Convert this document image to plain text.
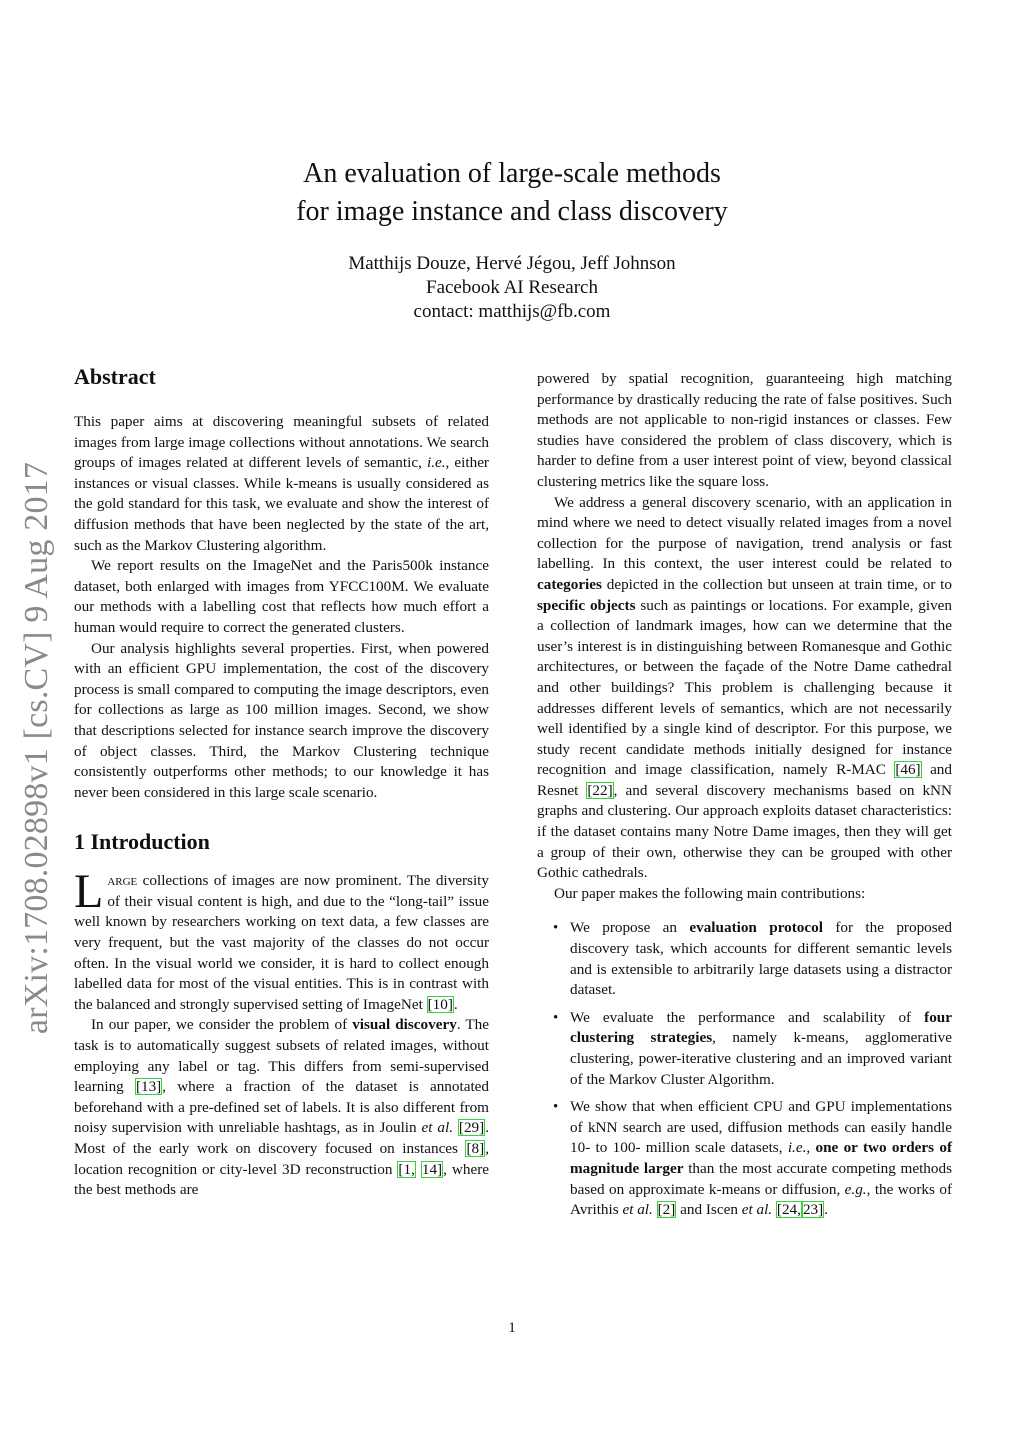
An evaluation of large-scale methods
for image instance and class discovery
Matthijs Douze, Hervé Jégou, Jeff Johnson
Facebook AI Research
contact: matthijs@fb.com
arXiv:1708.02898v1 [cs.CV] 9 Aug 2017
Abstract

This paper aims at discovering meaningful subsets of related images from large image collections without annotations. We search groups of images related at different levels of semantic, i.e., either instances or visual classes. While k-means is usually considered as the gold standard for this task, we evaluate and show the interest of diffusion methods that have been neglected by the state of the art, such as the Markov Clustering algorithm.

We report results on the ImageNet and the Paris500k instance dataset, both enlarged with images from YFCC100M. We evaluate our methods with a labelling cost that reflects how much effort a human would require to correct the generated clusters.

Our analysis highlights several properties. First, when powered with an efficient GPU implementation, the cost of the discovery process is small compared to computing the image descriptors, even for collections as large as 100 million images. Second, we show that descriptions selected for instance search improve the discovery of object classes. Third, the Markov Clustering technique consistently outperforms other methods; to our knowledge it has never been considered in this large scale scenario.

1 Introduction

Large collections of images are now prominent. The diversity of their visual content is high, and due to the “long-tail” issue well known by researchers working on text data, a few classes are very frequent, but the vast majority of the classes do not occur often. In the visual world we consider, it is hard to collect enough labelled data for most of the visual entities. This is in contrast with the balanced and strongly supervised setting of ImageNet [10].

In our paper, we consider the problem of visual discovery. The task is to automatically suggest subsets of related images, without employing any label or tag. This differs from semi-supervised learning [13], where a fraction of the dataset is annotated beforehand with a pre-defined set of labels. It is also different from noisy supervision with unreliable hashtags, as in Joulin et al. [29]. Most of the early work on discovery focused on instances [8], location recognition or city-level 3D reconstruction [1, 14], where the best methods are

powered by spatial recognition, guaranteeing high matching performance by drastically reducing the rate of false positives. Such methods are not applicable to non-rigid instances or classes. Few studies have considered the problem of class discovery, which is harder to define from a user interest point of view, beyond classical clustering metrics like the square loss.

We address a general discovery scenario, with an application in mind where we need to detect visually related images from a novel collection for the purpose of navigation, trend analysis or fast labelling. In this context, the user interest could be related to categories depicted in the collection but unseen at train time, or to specific objects such as paintings or locations. For example, given a collection of landmark images, how can we determine that the user’s interest is in distinguishing between Romanesque and Gothic architectures, or between the façade of the Notre Dame cathedral and other buildings? This problem is challenging because it addresses different levels of semantics, which are not necessarily well identified by a single kind of descriptor. For this purpose, we study recent candidate methods initially designed for instance recognition and image classification, namely R-MAC [46] and Resnet [22], and several discovery mechanisms based on kNN graphs and clustering. Our approach exploits dataset characteristics: if the dataset contains many Notre Dame images, then they will get a group of their own, otherwise they can be grouped with other Gothic cathedrals.

Our paper makes the following main contributions:

• We propose an evaluation protocol for the proposed discovery task, which accounts for different semantic levels and is extensible to arbitrarily large datasets using a distractor dataset.
• We evaluate the performance and scalability of four clustering strategies, namely k-means, agglomerative clustering, power-iterative clustering and an improved variant of the Markov Cluster Algorithm.
• We show that when efficient CPU and GPU implementations of kNN search are used, diffusion methods can easily handle 10- to 100- million scale datasets, i.e., one or two orders of magnitude larger than the most accurate competing methods based on approximate k-means or diffusion, e.g., the works of Avrithis et al. [2] and Iscen et al. [24, 23].
1
